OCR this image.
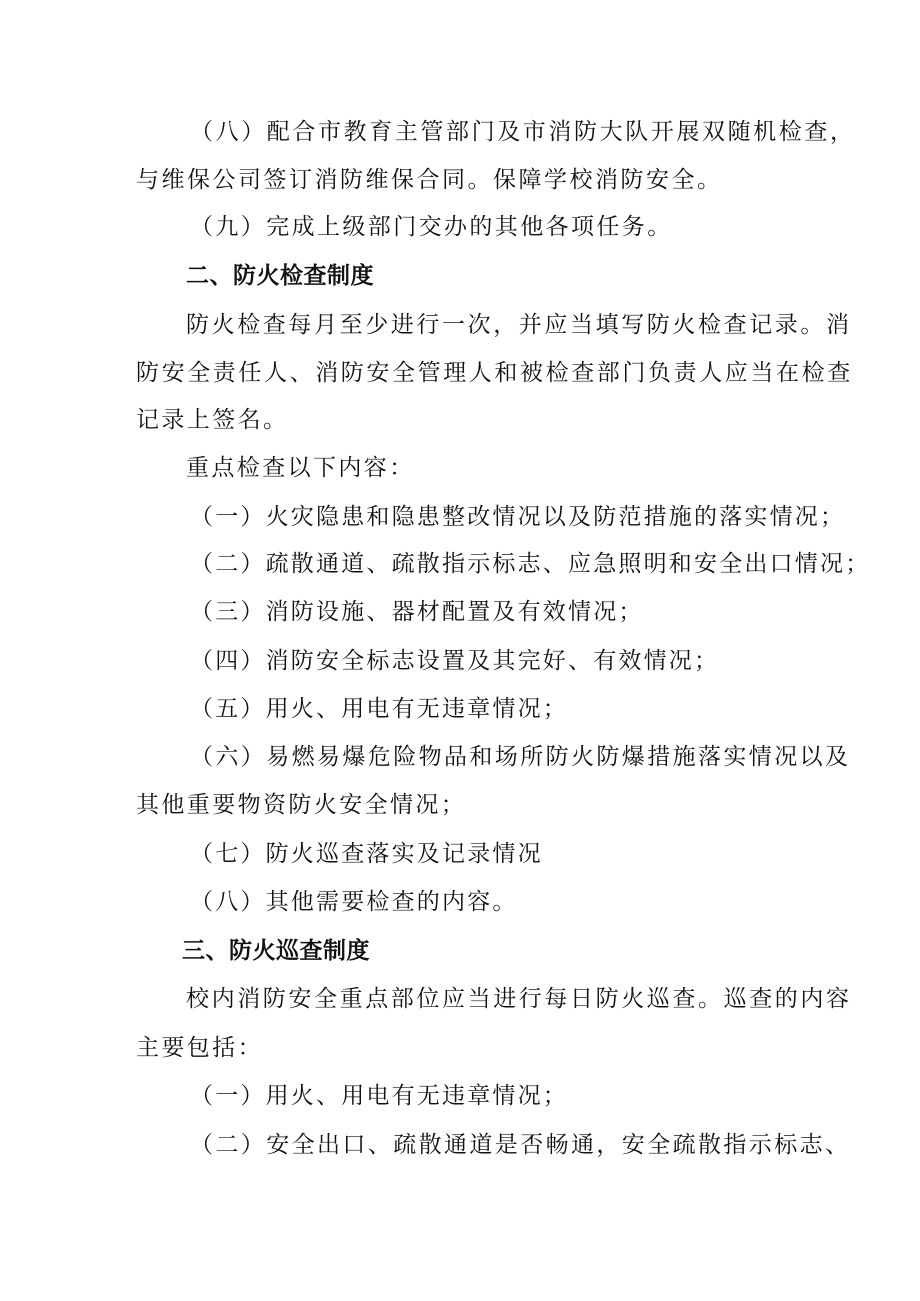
（八）配合市教育主管部门及市消防大队开展双随机检查，

与维保公司签订消防维保合同。保障学校消防安全。

（九）完成上级部门交办的其他各项任务。

二、防火检查制度

防火检查每月至少进行一次，并应当填写防火检查记录。消

防安全责任人、消防安全管理人和被检查部门负责人应当在检查

记录上签名。

重点检查以下内容：

（一）火灾隐患和隐患整改情况以及防范措施的落实情况；

（二）疏散通道、疏散指示标志、应急照明和安全出口情况；

（三）消防设施、器材配置及有效情况；

（四）消防安全标志设置及其完好、有效情况；

（五）用火、用电有无违章情况；

（六）易燃易爆危险物品和场所防火防爆措施落实情况以及

其他重要物资防火安全情况；

（七）防火巡查落实及记录情况

（八）其他需要检查的内容。

三、防火巡查制度

校内消防安全重点部位应当进行每日防火巡查。巡查的内容

主要包括：

（一）用火、用电有无违章情况；

（二）安全出口、疏散通道是否畅通，安全疏散指示标志、
